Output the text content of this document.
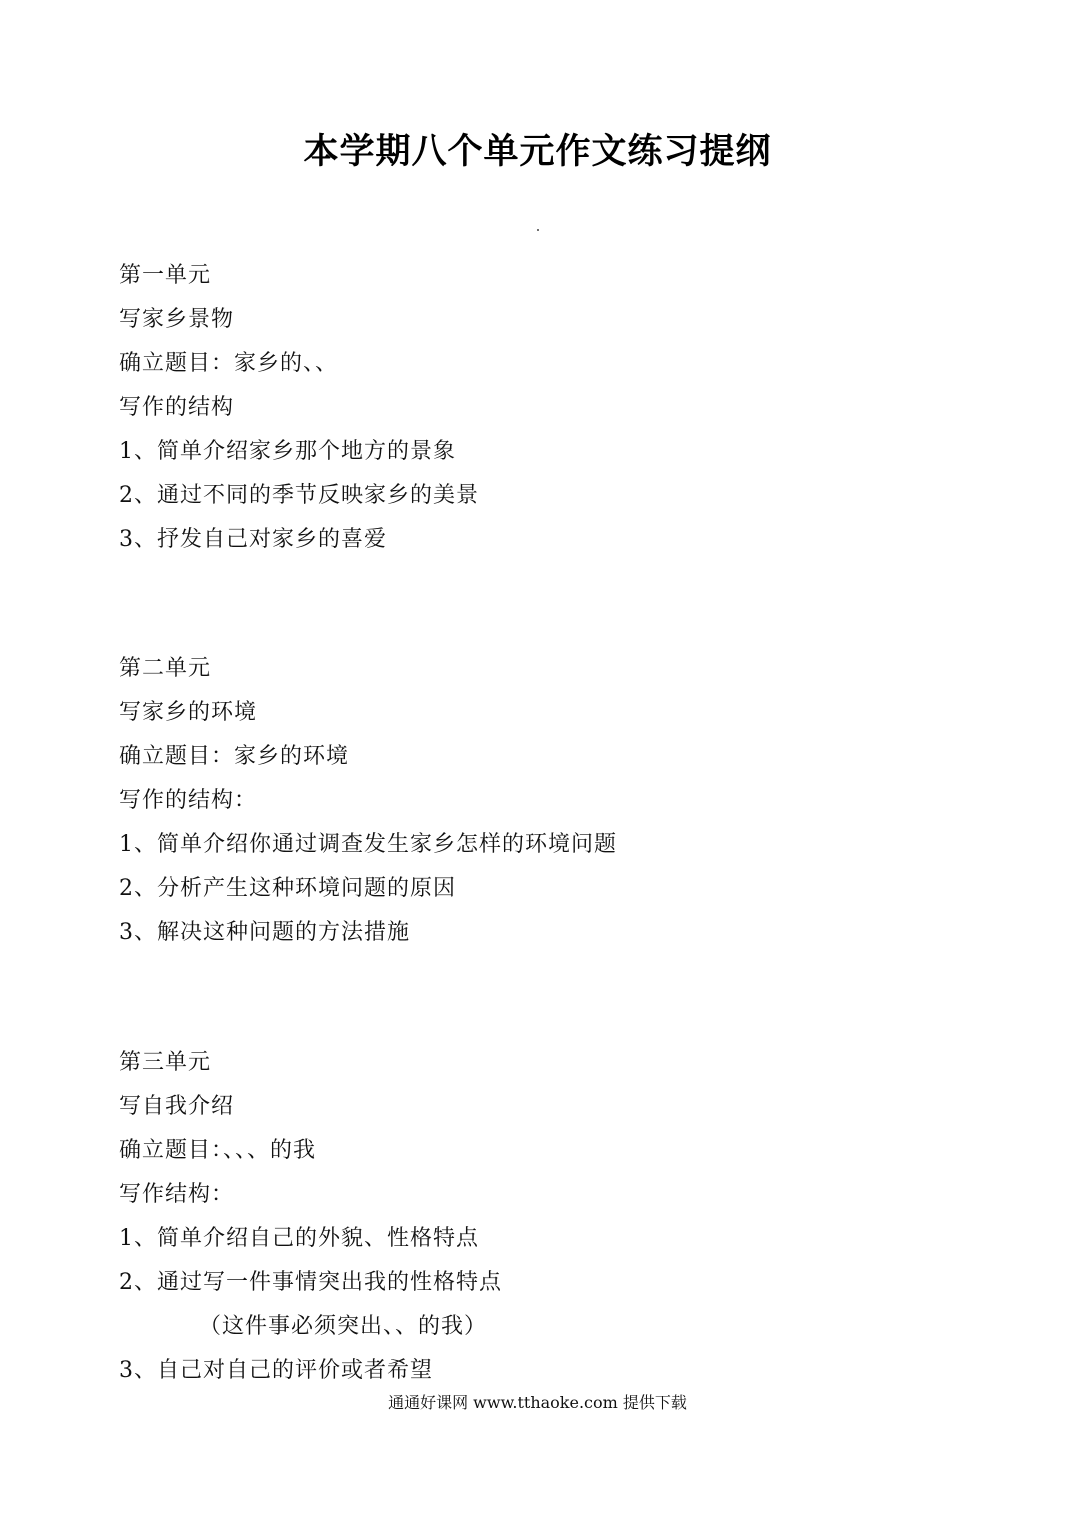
本学期八个单元作文练习提纲
第一单元
写家乡景物
确立题目：家乡的、、
写作的结构
1、简单介绍家乡那个地方的景象
2、通过不同的季节反映家乡的美景
3、抒发自己对家乡的喜爱
第二单元
写家乡的环境
确立题目：家乡的环境
写作的结构：
1、简单介绍你通过调查发生家乡怎样的环境问题
2、分析产生这种环境问题的原因
3、解决这种问题的方法措施
第三单元
写自我介绍
确立题目：、、、的我
写作结构：
1、简单介绍自己的外貌、性格特点
2、通过写一件事情突出我的性格特点
（这件事必须突出、、的我）
3、自己对自己的评价或者希望
通通好课网 www.tthaoke.com 提供下载
